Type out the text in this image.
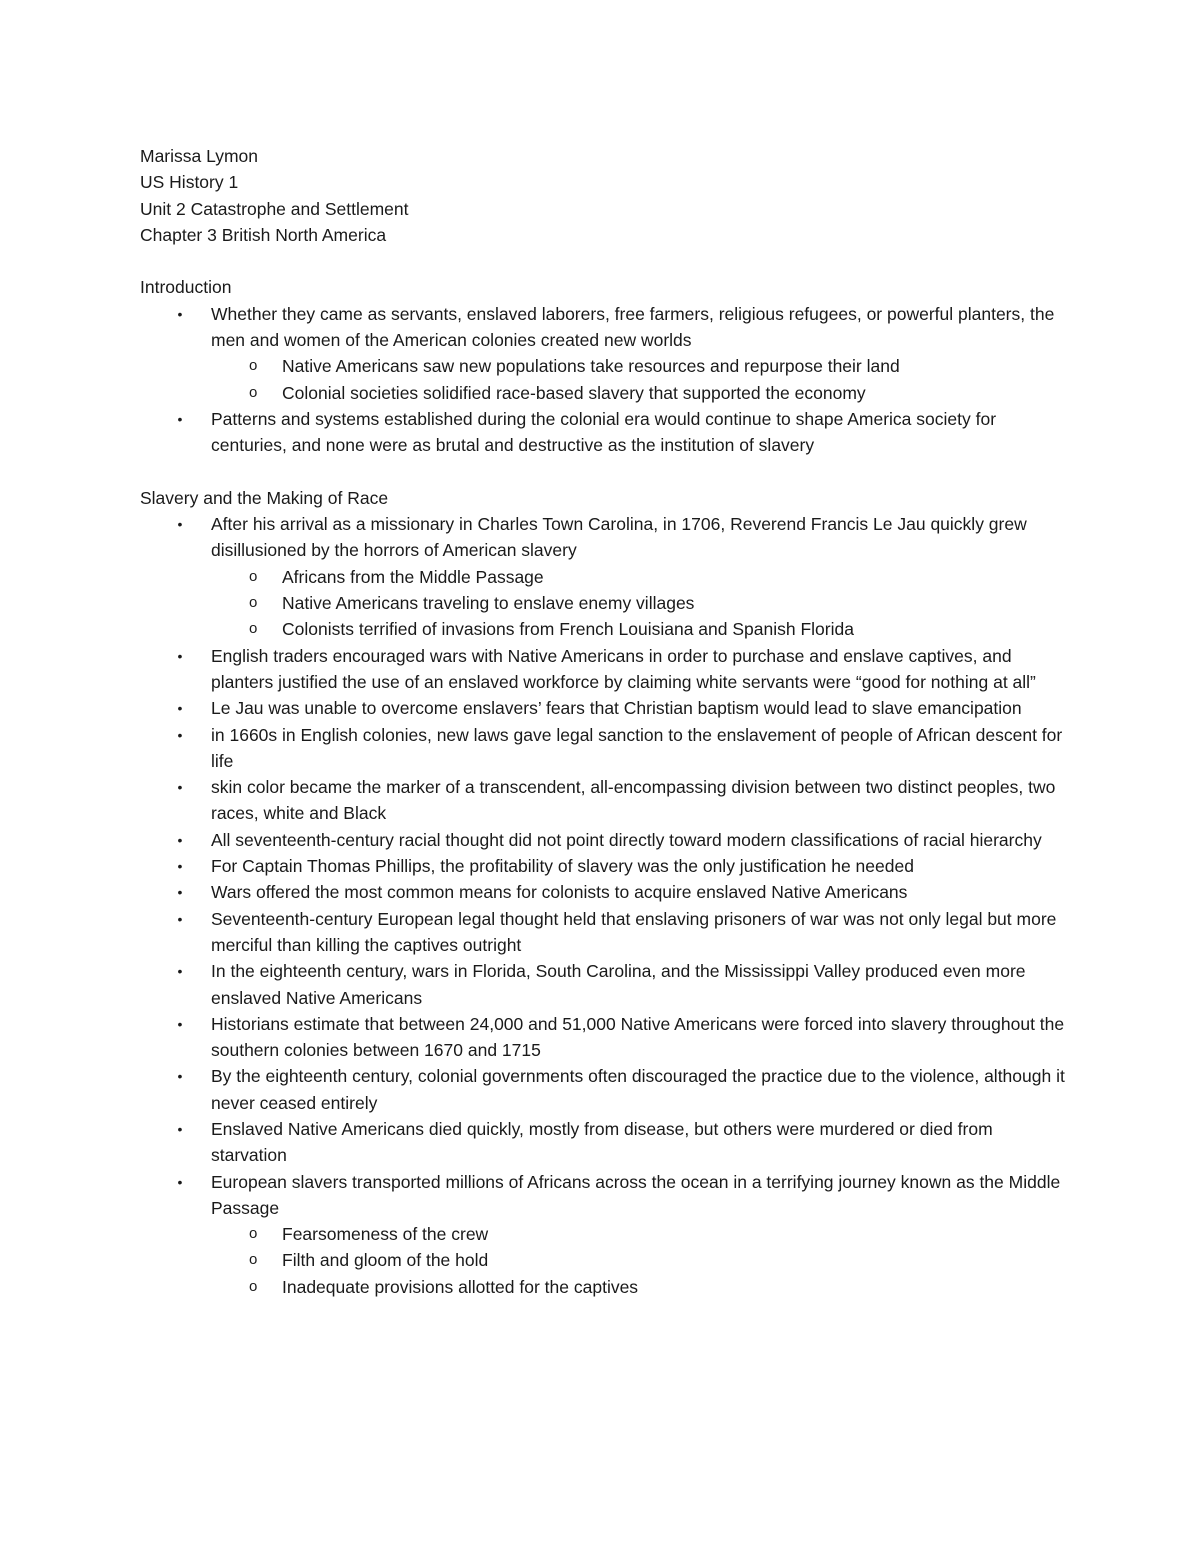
Marissa Lymon

US History 1

Unit 2 Catastrophe and Settlement

Chapter 3 British North America

Introduction

• Whether they came as servants, enslaved laborers, free farmers, religious refugees, or powerful planters, the men and women of the American colonies created new worlds
o Native Americans saw new populations take resources and repurpose their land
o Colonial societies solidified race-based slavery that supported the economy
• Patterns and systems established during the colonial era would continue to shape America society for centuries, and none were as brutal and destructive as the institution of slavery

Slavery and the Making of Race

• After his arrival as a missionary in Charles Town Carolina, in 1706, Reverend Francis Le Jau quickly grew disillusioned by the horrors of American slavery
o Africans from the Middle Passage
o Native Americans traveling to enslave enemy villages
o Colonists terrified of invasions from French Louisiana and Spanish Florida
• English traders encouraged wars with Native Americans in order to purchase and enslave captives, and planters justified the use of an enslaved workforce by claiming white servants were “good for nothing at all”
• Le Jau was unable to overcome enslavers’ fears that Christian baptism would lead to slave emancipation
• in 1660s in English colonies, new laws gave legal sanction to the enslavement of people of African descent for life
• skin color became the marker of a transcendent, all-encompassing division between two distinct peoples, two races, white and Black
• All seventeenth-century racial thought did not point directly toward modern classifications of racial hierarchy
• For Captain Thomas Phillips, the profitability of slavery was the only justification he needed
• Wars offered the most common means for colonists to acquire enslaved Native Americans
• Seventeenth-century European legal thought held that enslaving prisoners of war was not only legal but more merciful than killing the captives outright
• In the eighteenth century, wars in Florida, South Carolina, and the Mississippi Valley produced even more enslaved Native Americans
• Historians estimate that between 24,000 and 51,000 Native Americans were forced into slavery throughout the southern colonies between 1670 and 1715
• By the eighteenth century, colonial governments often discouraged the practice due to the violence, although it never ceased entirely
• Enslaved Native Americans died quickly, mostly from disease, but others were murdered or died from starvation
• European slavers transported millions of Africans across the ocean in a terrifying journey known as the Middle Passage
o Fearsomeness of the crew
o Filth and gloom of the hold
o Inadequate provisions allotted for the captives
